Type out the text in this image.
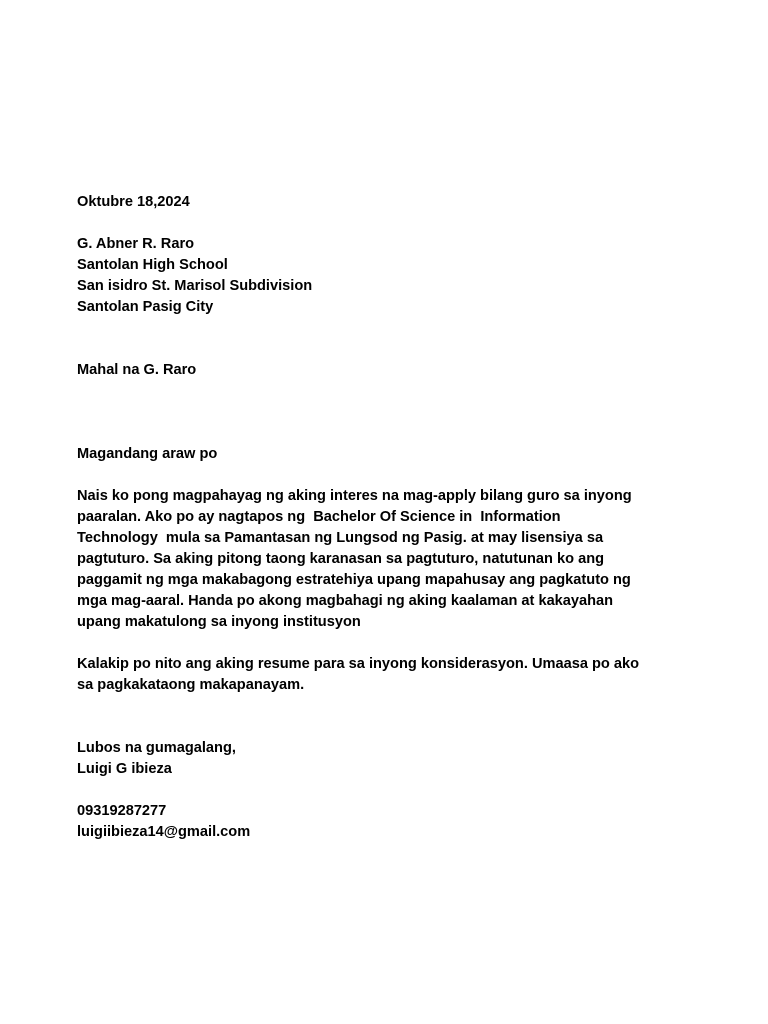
Oktubre 18,2024
G. Abner R. Raro
Santolan High School
San isidro St. Marisol Subdivision
Santolan Pasig City
Mahal na G. Raro
Magandang araw po
Nais ko pong magpahayag ng aking interes na mag-apply bilang guro sa inyong
paaralan. Ako po ay nagtapos ng  Bachelor Of Science in  Information
Technology  mula sa Pamantasan ng Lungsod ng Pasig. at may lisensiya sa
pagtuturo. Sa aking pitong taong karanasan sa pagtuturo, natutunan ko ang
paggamit ng mga makabagong estratehiya upang mapahusay ang pagkatuto ng
mga mag-aaral. Handa po akong magbahagi ng aking kaalaman at kakayahan
upang makatulong sa inyong institusyon
Kalakip po nito ang aking resume para sa inyong konsiderasyon. Umaasa po ako
sa pagkakataong makapanayam.
Lubos na gumagalang,
Luigi G ibieza
09319287277
luigiibieza14@gmail.com
